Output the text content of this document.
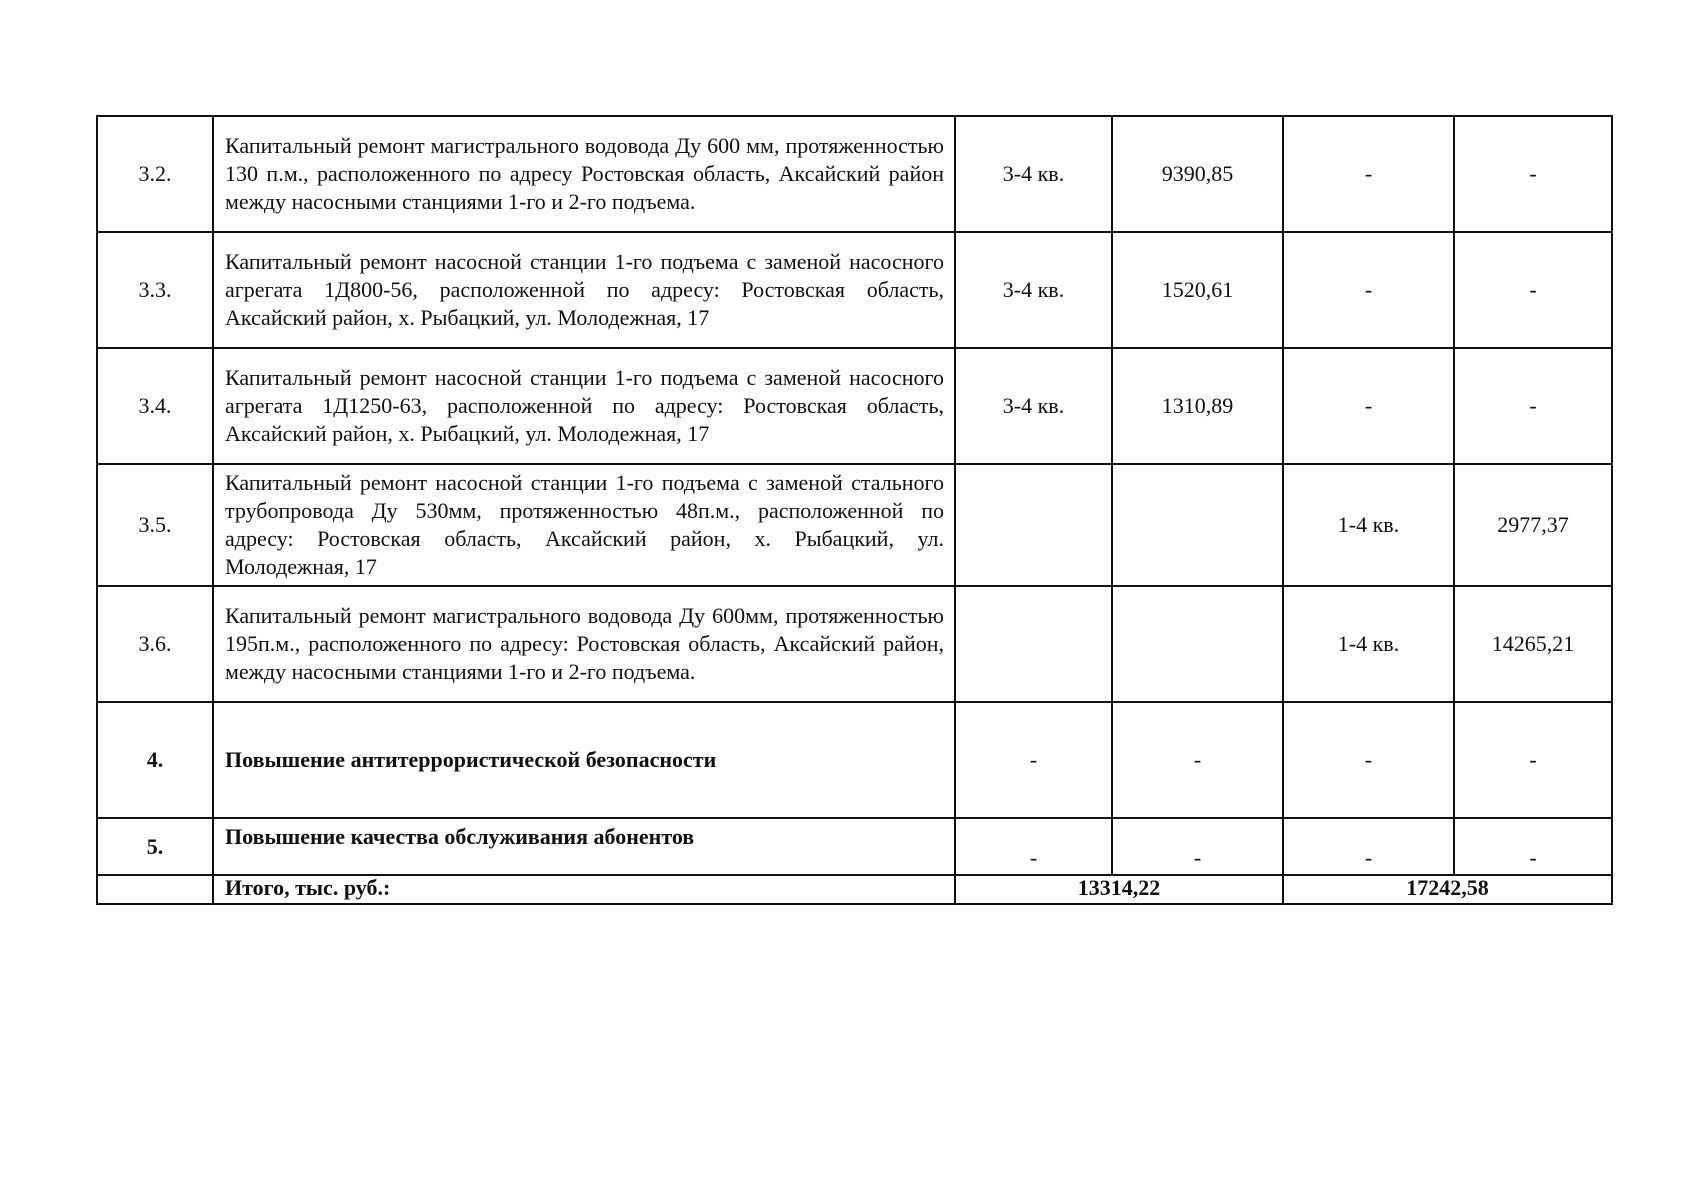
3.2.	Капитальный ремонт магистрального водовода Ду 600 мм, протяженностью 130 п.м., расположенного по адресу Ростовская область, Аксайский район между насосными станциями 1-го и 2-го подъема.	3-4 кв.	9390,85	-	-
3.3.	Капитальный ремонт насосной станции 1-го подъема с заменой насосного агрегата 1Д800-56, расположенной по адресу: Ростовская область, Аксайский район, х. Рыбацкий, ул. Молодежная, 17	3-4 кв.	1520,61	-	-
3.4.	Капитальный ремонт насосной станции 1-го подъема с заменой насосного агрегата 1Д1250-63, расположенной по адресу: Ростовская область, Аксайский район, х. Рыбацкий, ул. Молодежная, 17	3-4 кв.	1310,89	-	-
3.5.	Капитальный ремонт насосной станции 1-го подъема с заменой стального трубопровода Ду 530мм, протяженностью 48п.м., расположенной по адресу: Ростовская область, Аксайский район, х. Рыбацкий, ул. Молодежная, 17			1-4 кв.	2977,37
3.6.	Капитальный ремонт магистрального водовода Ду 600мм, протяженностью 195п.м., расположенного по адресу: Ростовская область, Аксайский район, между насосными станциями 1-го и 2-го подъема.			1-4 кв.	14265,21
4.	Повышение антитеррористической безопасности	-	-	-	-
5.	Повышение качества обслуживания абонентов	-	-	-	-
	Итого, тыс. руб.:	13314,22		17242,58	
